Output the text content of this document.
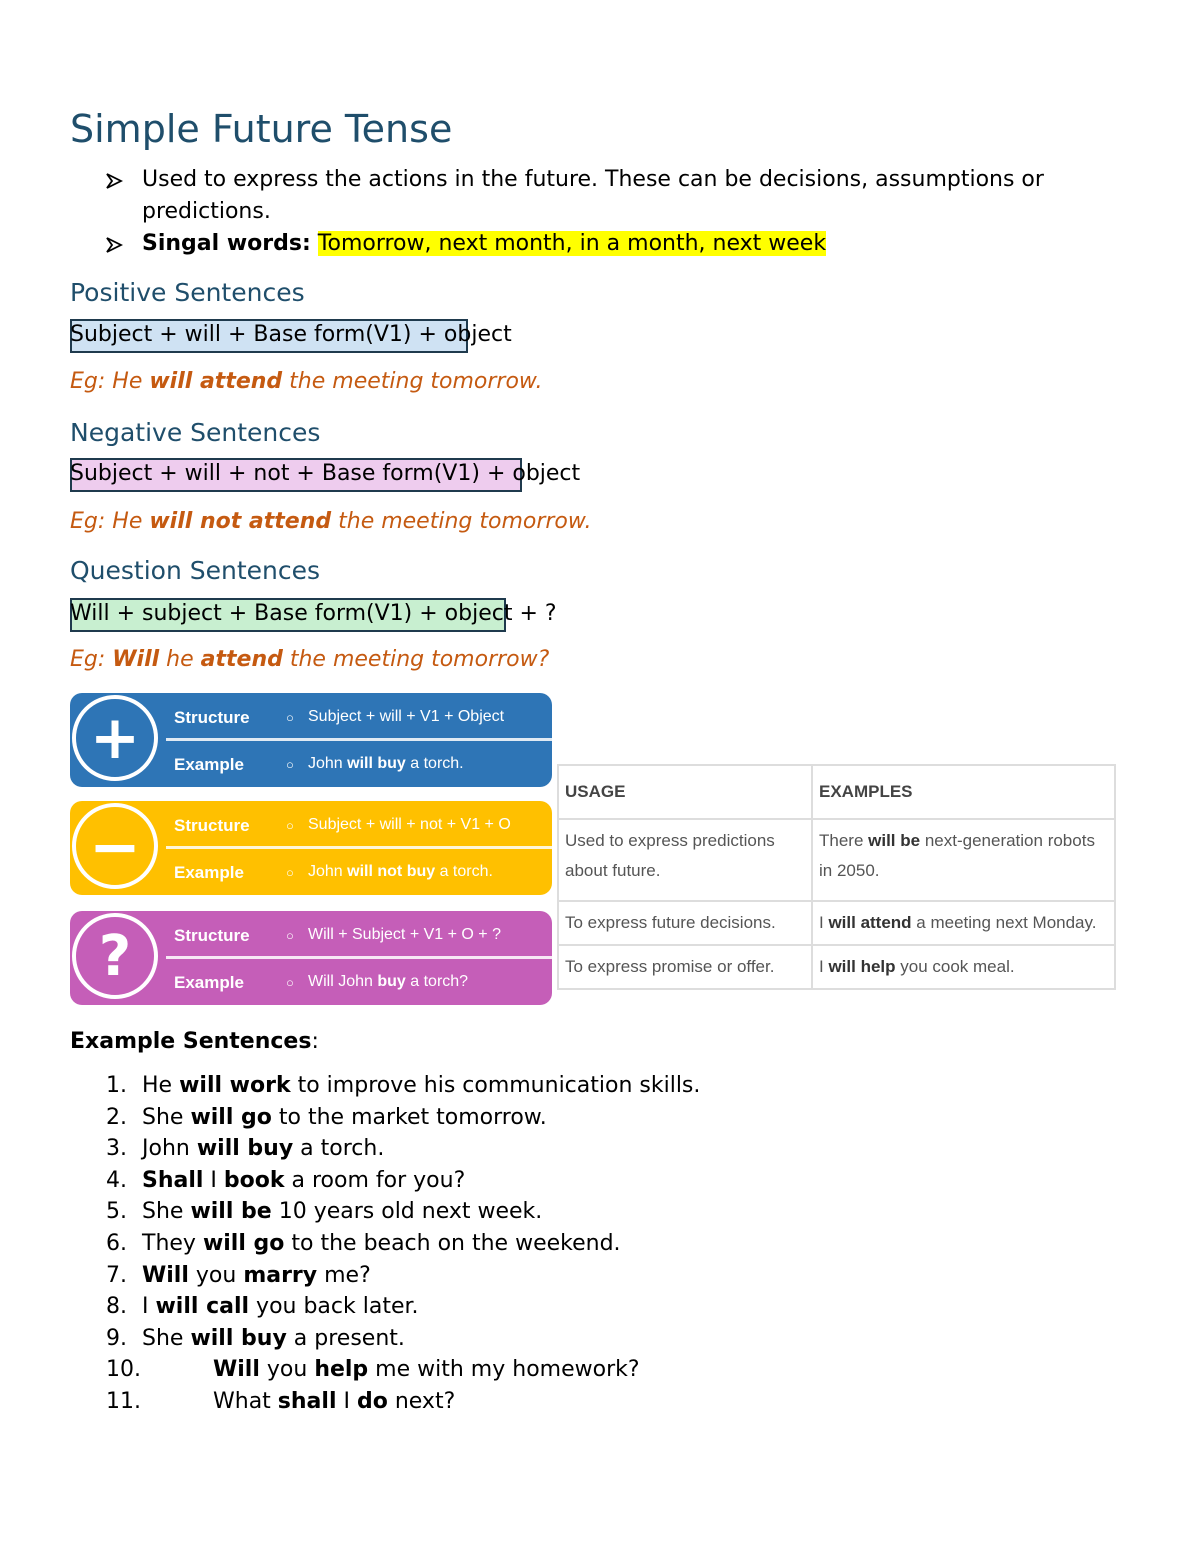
Simple Future Tense
Used to express the actions in the future. These can be decisions, assumptions or predictions.
Singal words: Tomorrow, next month, in a month, next week
Positive Sentences
Subject + will + Base form(V1) + object
Eg: He will attend the meeting tomorrow.
Negative Sentences
Subject + will + not + Base form(V1) + object
Eg: He will not attend the meeting tomorrow.
Question Sentences
Will + subject + Base form(V1) + object + ?
Eg: Will he attend the meeting tomorrow?
+	Structure	○ Subject + will + V1 + Object
Example	○ John will buy a torch.
−	Structure	○ Subject + will + not + V1 + O
Example	○ John will not buy a torch.
?	Structure	○ Will + Subject + V1 + O + ?
Example	○ Will John buy a torch?
USAGE	EXAMPLES
Used to express predictions about future.	There will be next-generation robots in 2050.
To express future decisions.	I will attend a meeting next Monday.
To express promise or offer.	I will help you cook meal.
Example Sentences:
1. He will work to improve his communication skills.
2. She will go to the market tomorrow.
3. John will buy a torch.
4. Shall I book a room for you?
5. She will be 10 years old next week.
6. They will go to the beach on the weekend.
7. Will you marry me?
8. I will call you back later.
9. She will buy a present.
10.	Will you help me with my homework?
11.	What shall I do next?
